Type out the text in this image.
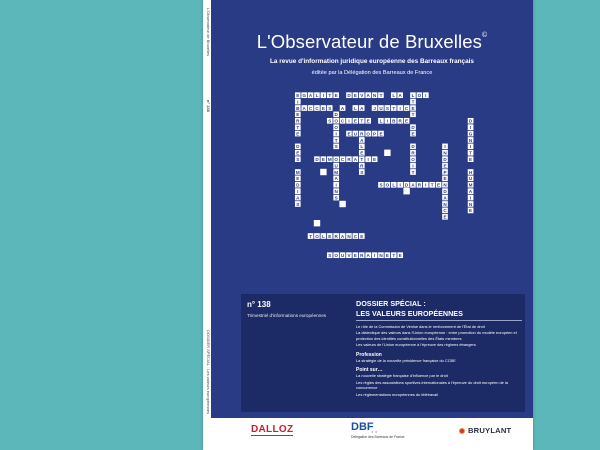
L'Observateur de Bruxelles
n° 138
DOSSIER SPÉCIAL : Les valeurs européennes
L'Observateur de Bruxelles©
La revue d'information juridique européenne des Barreaux français
éditée par la Délégation des Barreaux de France
E G A L I T E D E V A N T L A L O I
A C C E S A L A J U S T I C E
S O C I E T E L I B R E
E U R O P E
D E M O C R A T I E
S O L I D A R I T E
T O L E R A N C E
S O U V E R A I N E T E
I
B
E
R
T
E
D
E
S
M
E
D
I
A
S
D
O
I
T
S
U
M
A
I
N
S
A
L
E
R
S
T
T
D
E
D
R
O
I
T
I
N
D
E
P
E
N
D
A
N
C
E
D
I
G
N
I
T
E
H
U
M
A
I
N
E
n° 138
Trimestriel d'informations européennes
DOSSIER SPÉCIAL :
LES VALEURS EUROPÉENNES
Le rôle de la Commission de Venise dans le renforcement de l'État de droit
La dialectique des valeurs dans l'Union européenne : entre promotion du modèle européen et protection des identités constitutionnelles des États membres
Les valeurs de l'Union européenne à l'épreuve des régimes étrangers
Profession
La stratégie de la nouvelle présidence française du CCBE
Point sur…
La nouvelle stratégie française d'influence par le droit
Les règles des associations sportives internationales à l'épreuve du droit européen de la concurrence
Les réglementations européennes du télétravail
DALLOZ	DBF
★ ★
Délégation des Barreaux de France
BRUYLANT
